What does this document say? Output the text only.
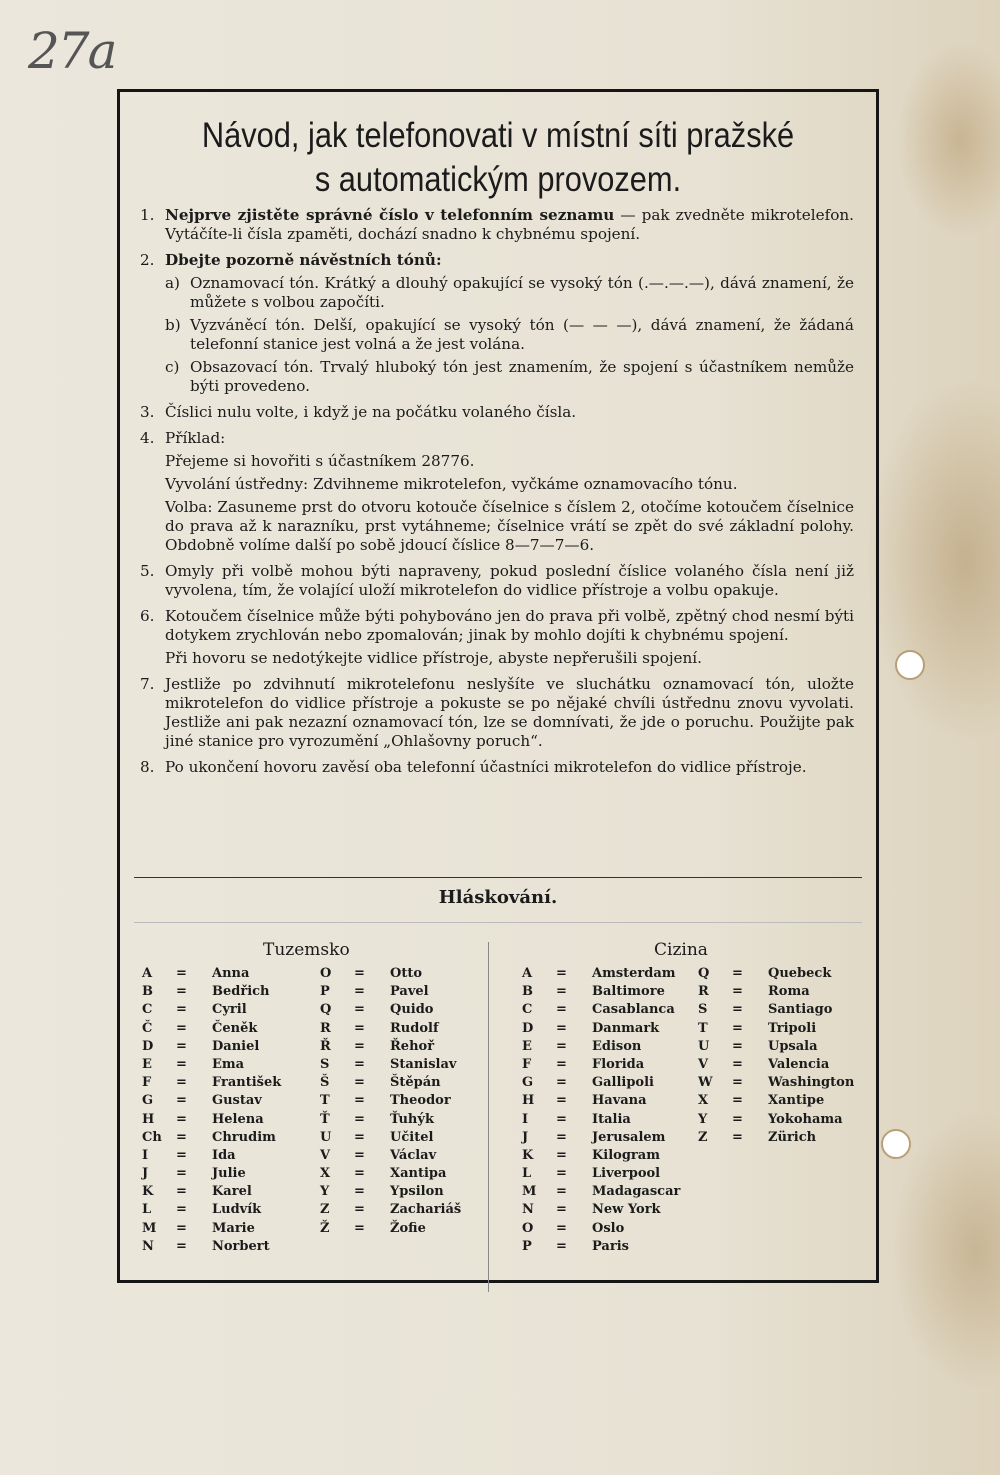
27a
Návod, jak telefonovati v místní síti pražské
s automatickým provozem.
1. Nejprve zjistěte správné číslo v telefonním seznamu — pak zvedněte mikrotelefon. Vytáčíte-li čísla zpaměti, dochází snadno k chybnému spojení.
2. Dbejte pozorně návěstních tónů:
a) Oznamovací tón. Krátký a dlouhý opakující se vysoký tón (.—.—.—), dává znamení, že můžete s volbou započíti.
b) Vyzváněcí tón. Delší, opakující se vysoký tón (— — —), dává znamení, že žádaná telefonní stanice jest volná a že jest volána.
c) Obsazovací tón. Trvalý hluboký tón jest znamením, že spojení s účastníkem nemůže býti provedeno.
3. Číslici nulu volte, i když je na počátku volaného čísla.
4. Příklad:
Přejeme si hovořiti s účastníkem 28776.
Vyvolání ústředny: Zdvihneme mikrotelefon, vyčkáme oznamovacího tónu.
Volba: Zasuneme prst do otvoru kotouče číselnice s číslem 2, otočíme kotoučem číselnice do prava až k narazníku, prst vytáhneme; číselnice vrátí se zpět do své základní polohy. Obdobně volíme další po sobě jdoucí číslice 8—7—7—6.
5. Omyly při volbě mohou býti napraveny, pokud poslední číslice volaného čísla není již vyvolena, tím, že volající uloží mikrotelefon do vidlice přístroje a volbu opakuje.
6. Kotoučem číselnice může býti pohybováno jen do prava při volbě, zpětný chod nesmí býti dotykem zrychlován nebo zpomalován; jinak by mohlo dojíti k chybnému spojení.
Při hovoru se nedotýkejte vidlice přístroje, abyste nepřerušili spojení.
7. Jestliže po zdvihnutí mikrotelefonu neslyšíte ve sluchátku oznamovací tón, uložte mikrotelefon do vidlice přístroje a pokuste se po nějaké chvíli ústřednu znovu vyvolati. Jestliže ani pak nezazní oznamovací tón, lze se domnívati, že jde o poruchu. Použijte pak jiné stanice pro vyrozumění „Ohlašovny poruch“.
8. Po ukončení hovoru zavěsí oba telefonní účastníci mikrotelefon do vidlice přístroje.
Hláskování.
Tuzemsko	Cizina
A = Anna
B = Bedřich
C = Cyril
Č = Čeněk
D = Daniel
E = Ema
F = František
G = Gustav
H = Helena
Ch = Chrudim
I = Ida
J = Julie
K = Karel
L = Ludvík
M = Marie
N = Norbert
O = Otto
P = Pavel
Q = Quido
R = Rudolf
Ř = Řehoř
S = Stanislav
Š = Štěpán
T = Theodor
Ť = Ťuhýk
U = Učitel
V = Václav
X = Xantipa
Y = Ypsilon
Z = Zachariáš
Ž = Žofie
A = Amsterdam
B = Baltimore
C = Casablanca
D = Danmark
E = Edison
F = Florida
G = Gallipoli
H = Havana
I = Italia
J = Jerusalem
K = Kilogram
L = Liverpool
M = Madagascar
N = New York
O = Oslo
P = Paris
Q = Quebeck
R = Roma
S = Santiago
T = Tripoli
U = Upsala
V = Valencia
W = Washington
X = Xantipe
Y = Yokohama
Z = Zürich
